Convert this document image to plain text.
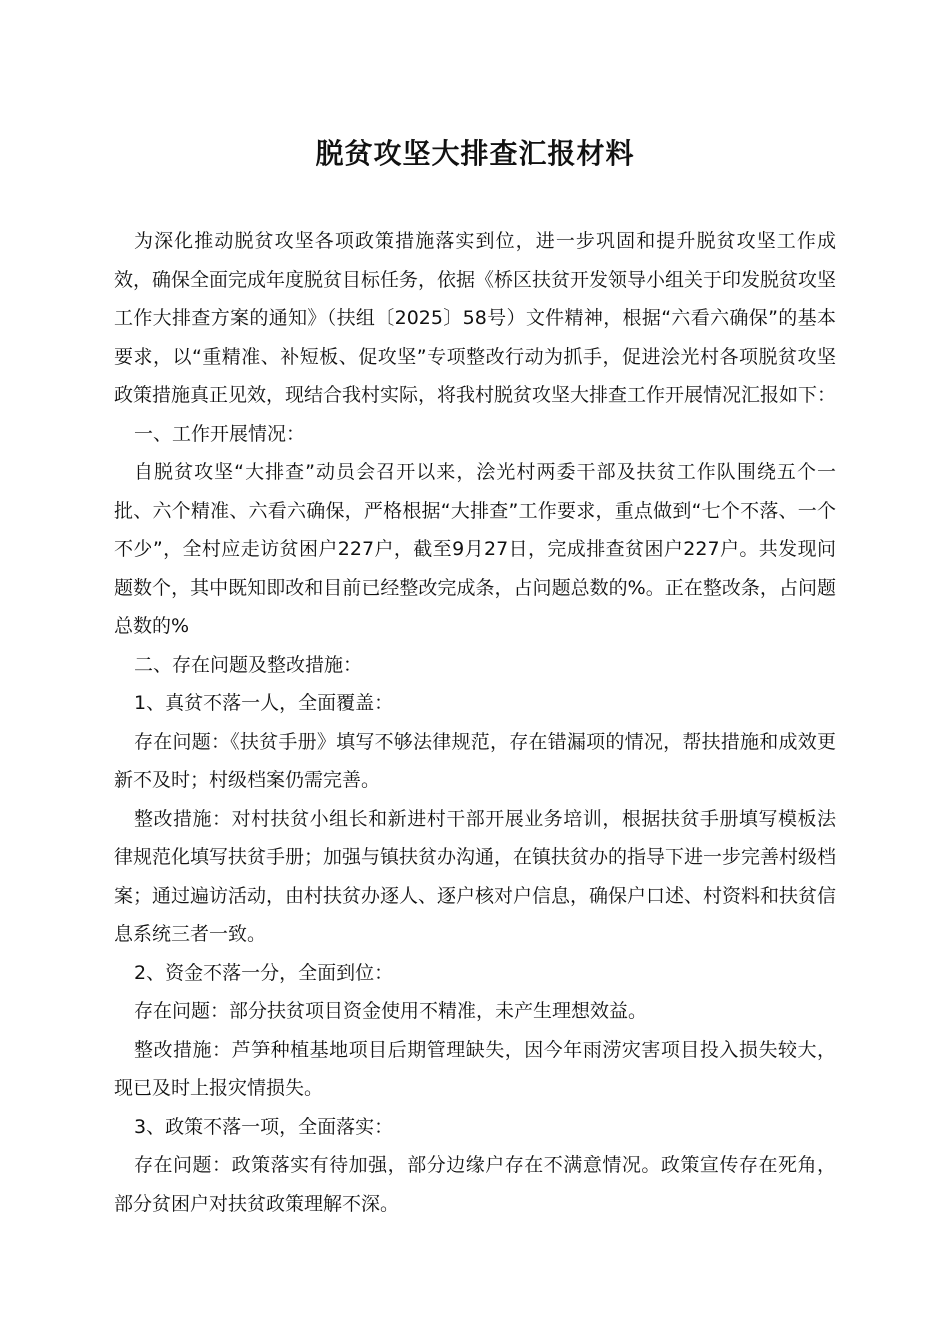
脱贫攻坚大排查汇报材料

为深化推动脱贫攻坚各项政策措施落实到位，进一步巩固和提升脱贫攻坚工作成效，确保全面完成年度脱贫目标任务，依据《桥区扶贫开发领导小组关于印发脱贫攻坚工作大排查方案的通知》（扶组〔2025〕58号）文件精神，根据“六看六确保”的基本要求，以“重精准、补短板、促攻坚”专项整改行动为抓手，促进浍光村各项脱贫攻坚政策措施真正见效，现结合我村实际，将我村脱贫攻坚大排查工作开展情况汇报如下：

一、工作开展情况：

自脱贫攻坚“大排查”动员会召开以来，浍光村两委干部及扶贫工作队围绕五个一批、六个精准、六看六确保，严格根据“大排查”工作要求，重点做到“七个不落、一个不少”，全村应走访贫困户227户，截至9月27日，完成排查贫困户227户。共发现问题数个，其中既知即改和目前已经整改完成条，占问题总数的%。正在整改条，占问题总数的%

二、存在问题及整改措施：

1、真贫不落一人，全面覆盖：

存在问题：《扶贫手册》填写不够法律规范，存在错漏项的情况，帮扶措施和成效更新不及时；村级档案仍需完善。

整改措施：对村扶贫小组长和新进村干部开展业务培训，根据扶贫手册填写模板法律规范化填写扶贫手册；加强与镇扶贫办沟通，在镇扶贫办的指导下进一步完善村级档案；通过遍访活动，由村扶贫办逐人、逐户核对户信息，确保户口述、村资料和扶贫信息系统三者一致。

2、资金不落一分，全面到位：

存在问题：部分扶贫项目资金使用不精准，未产生理想效益。

整改措施：芦笋种植基地项目后期管理缺失，因今年雨涝灾害项目投入损失较大，现已及时上报灾情损失。

3、政策不落一项，全面落实：

存在问题：政策落实有待加强，部分边缘户存在不满意情况。政策宣传存在死角，部分贫困户对扶贫政策理解不深。
